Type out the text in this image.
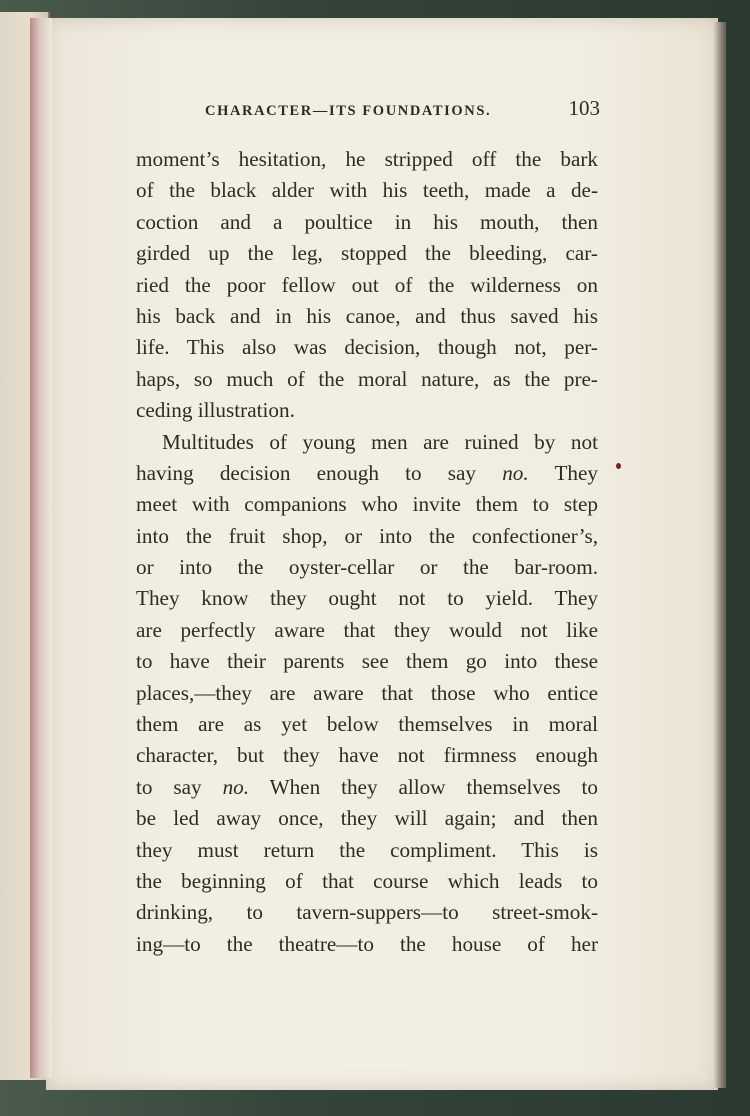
CHARACTER—ITS FOUNDATIONS.	103
moment’s hesitation, he stripped off the bark
of the black alder with his teeth, made a de-
coction and a poultice in his mouth, then
girded up the leg, stopped the bleeding, car-
ried the poor fellow out of the wilderness on
his back and in his canoe, and thus saved his
life. This also was decision, though not, per-
haps, so much of the moral nature, as the pre-
ceding illustration.
Multitudes of young men are ruined by not
having decision enough to say no. They
meet with companions who invite them to step
into the fruit shop, or into the confectioner’s,
or into the oyster-cellar or the bar-room.
They know they ought not to yield. They
are perfectly aware that they would not like
to have their parents see them go into these
places,—they are aware that those who entice
them are as yet below themselves in moral
character, but they have not firmness enough
to say no. When they allow themselves to
be led away once, they will again; and then
they must return the compliment. This is
the beginning of that course which leads to
drinking, to tavern-suppers—to street-smok-
ing—to the theatre—to the house of her
